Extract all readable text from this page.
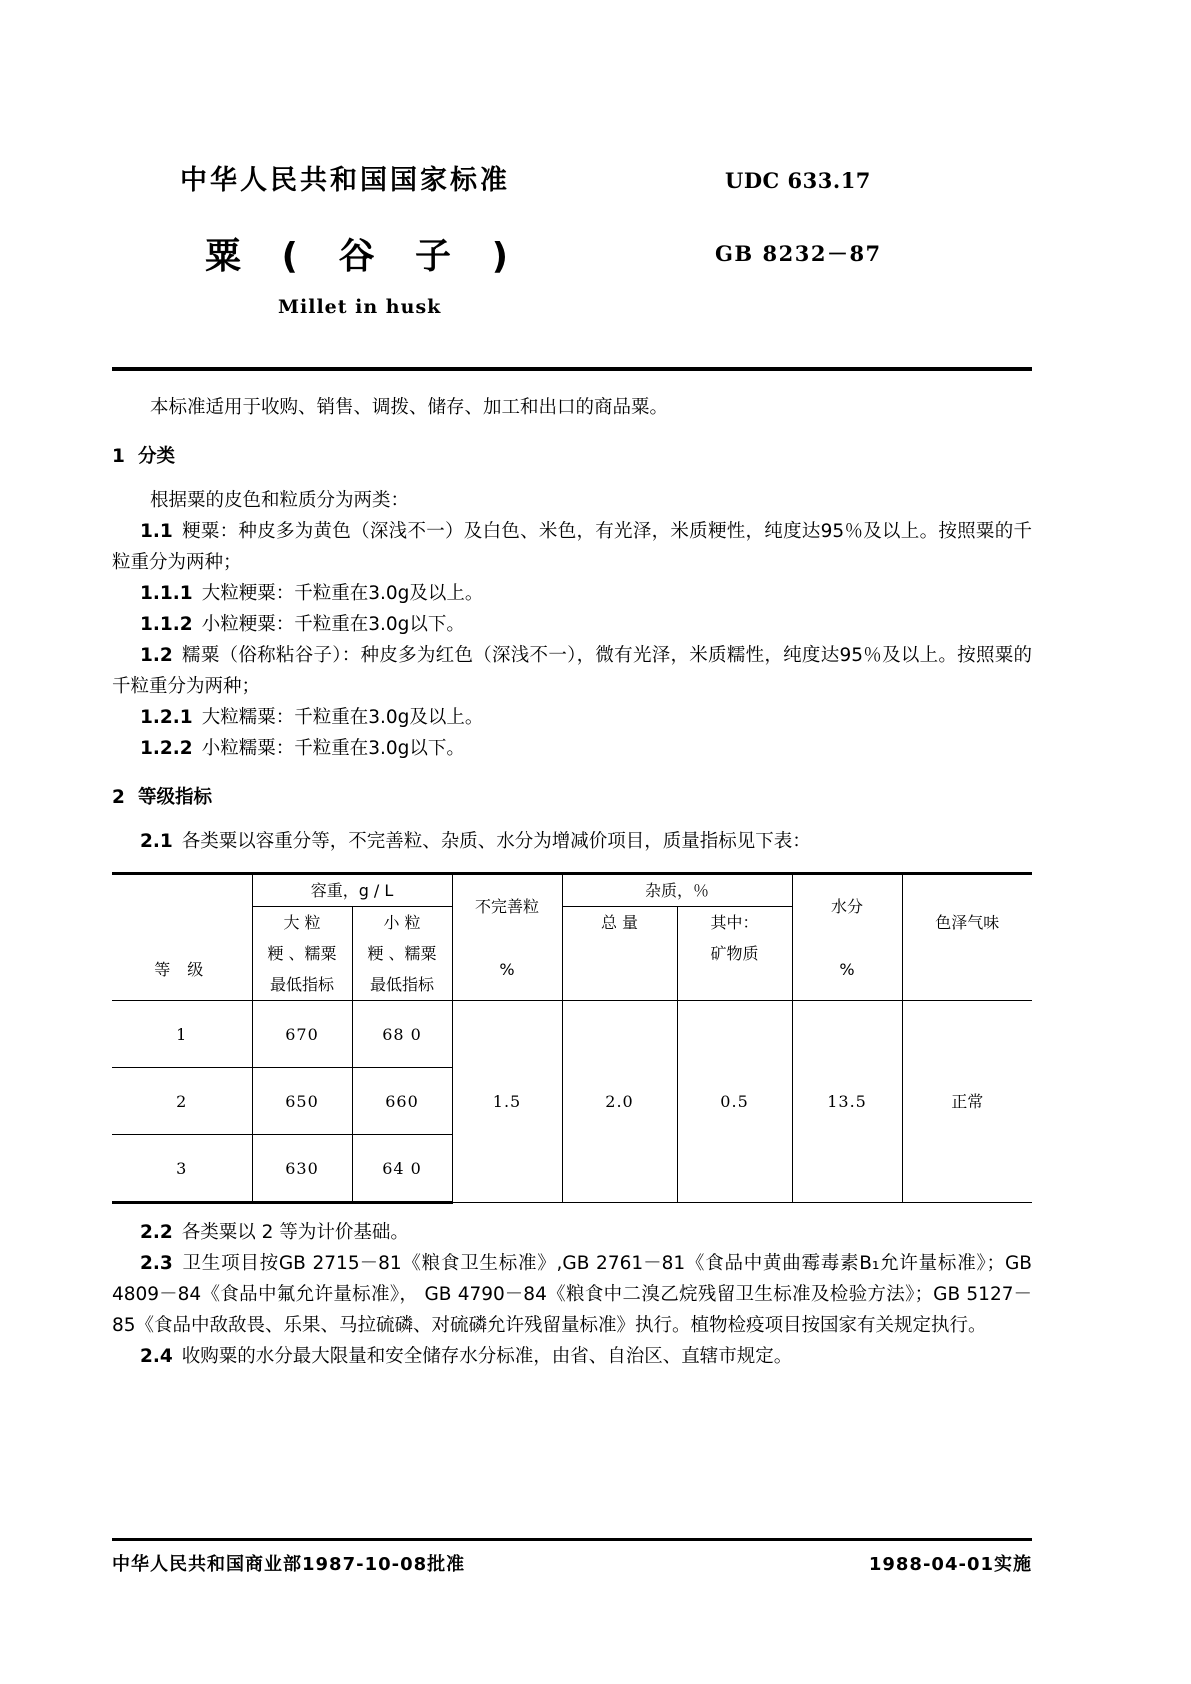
中华人民共和国国家标准	UDC 633.17
粟 ( 谷 子 )	GB 8232－87
Millet in husk

本标准适用于收购、销售、调拨、储存、加工和出口的商品粟。

1 分类

根据粟的皮色和粒质分为两类：

1.1 粳粟：种皮多为黄色（深浅不一）及白色、米色，有光泽，米质粳性，纯度达95％及以上。按照粟的千粒重分为两种；

1.1.1 大粒粳粟：千粒重在3.0g及以上。

1.1.2 小粒粳粟：千粒重在3.0g以下。

1.2 糯粟（俗称粘谷子）：种皮多为红色（深浅不一），微有光泽，米质糯性，纯度达95％及以上。按照粟的千粒重分为两种；

1.2.1 大粒糯粟：千粒重在3.0g及以上。

1.2.2 小粒糯粟：千粒重在3.0g以下。

2 等级指标

2.1 各类粟以容重分等，不完善粒、杂质、水分为增减价项目，质量指标见下表：

	容重，g / L		不完善粒	杂质，％		水分	色泽气味
	大 粒	小 粒		总 量	其中：		
等 级	粳 、糯粟	粳 、糯粟	%		矿物质	%	
	最低指标	最低指标					
1	670	68 0	1.5	2.0	0.5	13.5	正常
2	650	660					
3	630	64 0					

2.2 各类粟以 2 等为计价基础。

2.3 卫生项目按GB 2715－81《粮食卫生标准》,GB 2761－81《食品中黄曲霉毒素B₁允许量标准》；GB 4809－84《食品中氟允许量标准》， GB 4790－84《粮食中二溴乙烷残留卫生标准及检验方法》；GB 5127－85《食品中敌敌畏、乐果、马拉硫磷、对硫磷允许残留量标准》执行。植物检疫项目按国家有关规定执行。

2.4 收购粟的水分最大限量和安全储存水分标准，由省、自治区、直辖市规定。

中华人民共和国商业部1987-10-08批准	1988-04-01实施
